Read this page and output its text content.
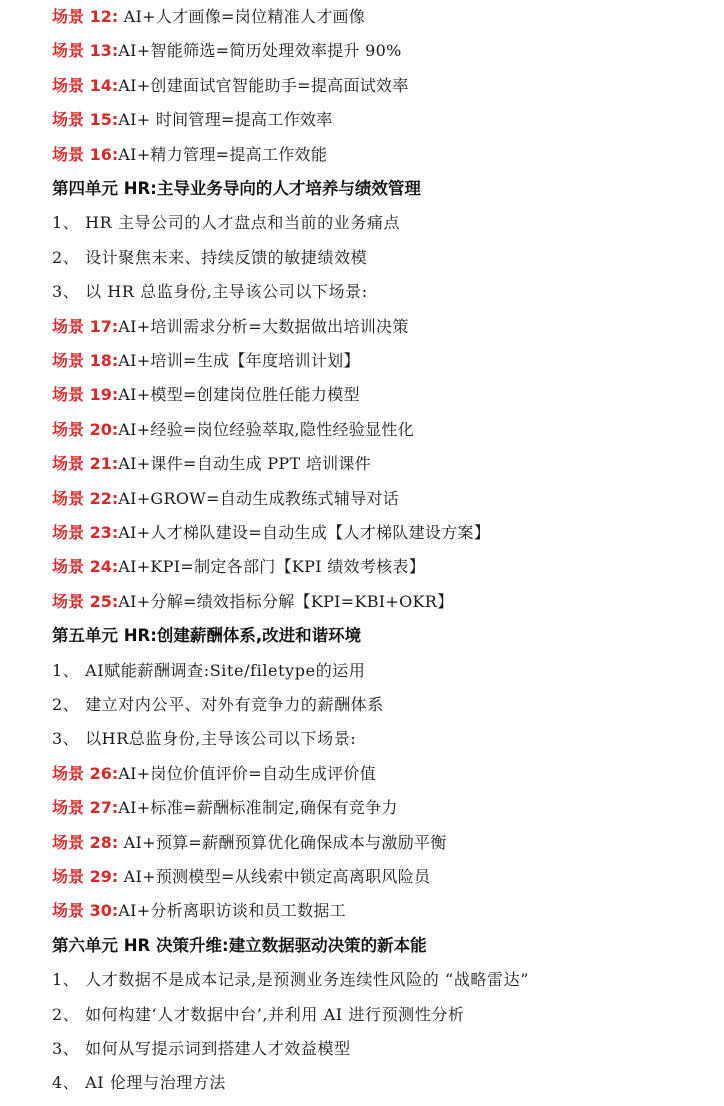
场景 12: AI+人才画像=岗位精准人才画像
场景 13:AI+智能筛选=简历处理效率提升 90%
场景 14:AI+创建面试官智能助手=提高面试效率
场景 15:AI+ 时间管理=提高工作效率
场景 16:AI+精力管理=提高工作效能
第四单元 HR:主导业务导向的人才培养与绩效管理
1、 HR 主导公司的人才盘点和当前的业务痛点
2、 设计聚焦未来、持续反馈的敏捷绩效模
3、 以 HR 总监身份,主导该公司以下场景:
场景 17:AI+培训需求分析=大数据做出培训决策
场景 18:AI+培训=生成【年度培训计划】
场景 19:AI+模型=创建岗位胜任能力模型
场景 20:AI+经验=岗位经验萃取,隐性经验显性化
场景 21:AI+课件=自动生成 PPT 培训课件
场景 22:AI+GROW=自动生成教练式辅导对话
场景 23:AI+人才梯队建设=自动生成【人才梯队建设方案】
场景 24:AI+KPI=制定各部门【KPI 绩效考核表】
场景 25:AI+分解=绩效指标分解【KPI=KBI+OKR】
第五单元 HR:创建薪酬体系,改进和谐环境
1、 AI赋能薪酬调查:Site/filetype的运用
2、 建立对内公平、对外有竞争力的薪酬体系
3、 以HR总监身份,主导该公司以下场景:
场景 26:AI+岗位价值评价=自动生成评价值
场景 27:AI+标准=薪酬标准制定,确保有竞争力
场景 28: AI+预算=薪酬预算优化确保成本与激励平衡
场景 29: AI+预测模型=从线索中锁定高离职风险员
场景 30:AI+分析离职访谈和员工数据工
第六单元 HR 决策升维:建立数据驱动决策的新本能
1、 人才数据不是成本记录,是预测业务连续性风险的 “战略雷达”
2、 如何构建‘人才数据中台’,并利用 AI 进行预测性分析
3、 如何从写提示词到搭建人才效益模型
4、 AI 伦理与治理方法
